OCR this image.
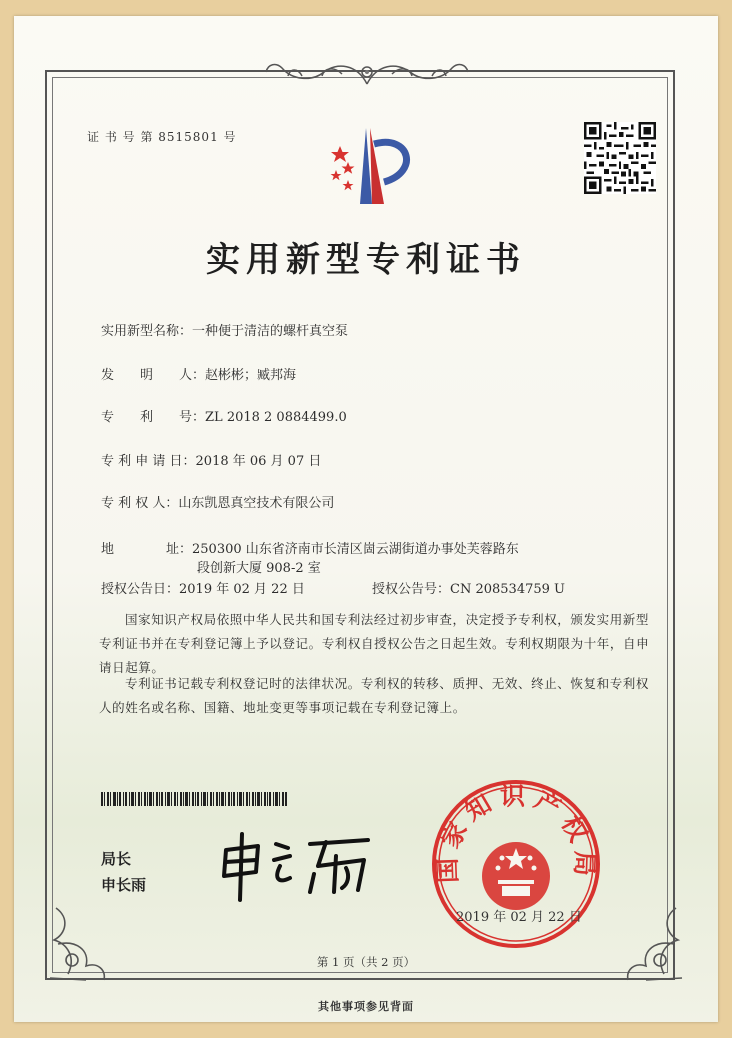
证 书 号 第 8515801 号
实用新型专利证书
实用新型名称：一种便于清洁的螺杆真空泵
发　　明　　人：赵彬彬；臧邦海
专　　利　　号：ZL 2018 2 0884499.0
专 利 申 请 日：2018 年 06 月 07 日
专 利 权 人：山东凯恩真空技术有限公司
地　　　　址：250300 山东省济南市长清区崮云湖街道办事处芙蓉路东
段创新大厦 908-2 室
授权公告日：2019 年 02 月 22 日	授权公告号：CN 208534759 U
国家知识产权局依照中华人民共和国专利法经过初步审查，决定授予专利权，颁发实用新型专利证书并在专利登记簿上予以登记。专利权自授权公告之日起生效。专利权期限为十年，自申请日起算。
专利证书记载专利权登记时的法律状况。专利权的转移、质押、无效、终止、恢复和专利权人的姓名或名称、国籍、地址变更等事项记载在专利登记簿上。
局长
申长雨
国家知识产权局
2019 年 02 月 22 日
第 1 页（共 2 页）
其他事项参见背面
